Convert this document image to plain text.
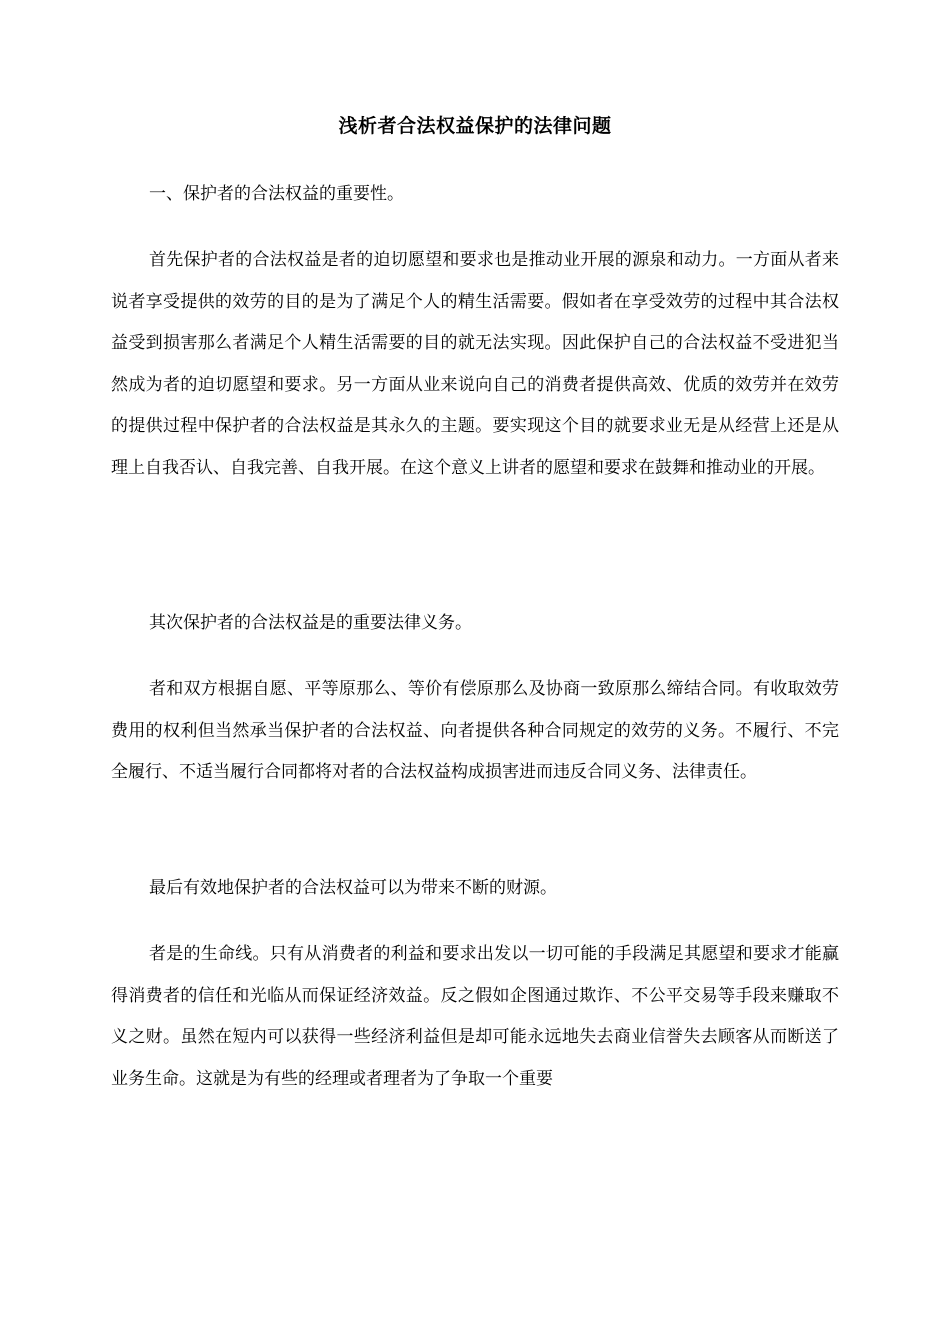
浅析者合法权益保护的法律问题

一、保护者的合法权益的重要性。

首先保护者的合法权益是者的迫切愿望和要求也是推动业开展的源泉和动力。一方面从者来说者享受提供的效劳的目的是为了满足个人的精生活需要。假如者在享受效劳的过程中其合法权益受到损害那么者满足个人精生活需要的目的就无法实现。因此保护自己的合法权益不受进犯当然成为者的迫切愿望和要求。另一方面从业来说向自己的消费者提供高效、优质的效劳并在效劳的提供过程中保护者的合法权益是其永久的主题。要实现这个目的就要求业无是从经营上还是从理上自我否认、自我完善、自我开展。在这个意义上讲者的愿望和要求在鼓舞和推动业的开展。

其次保护者的合法权益是的重要法律义务。

者和双方根据自愿、平等原那么、等价有偿原那么及协商一致原那么缔结合同。有收取效劳费用的权利但当然承当保护者的合法权益、向者提供各种合同规定的效劳的义务。不履行、不完全履行、不适当履行合同都将对者的合法权益构成损害进而违反合同义务、法律责任。

最后有效地保护者的合法权益可以为带来不断的财源。

者是的生命线。只有从消费者的利益和要求出发以一切可能的手段满足其愿望和要求才能赢得消费者的信任和光临从而保证经济效益。反之假如企图通过欺诈、不公平交易等手段来赚取不义之财。虽然在短内可以获得一些经济利益但是却可能永远地失去商业信誉失去顾客从而断送了业务生命。这就是为有些的经理或者理者为了争取一个重要
